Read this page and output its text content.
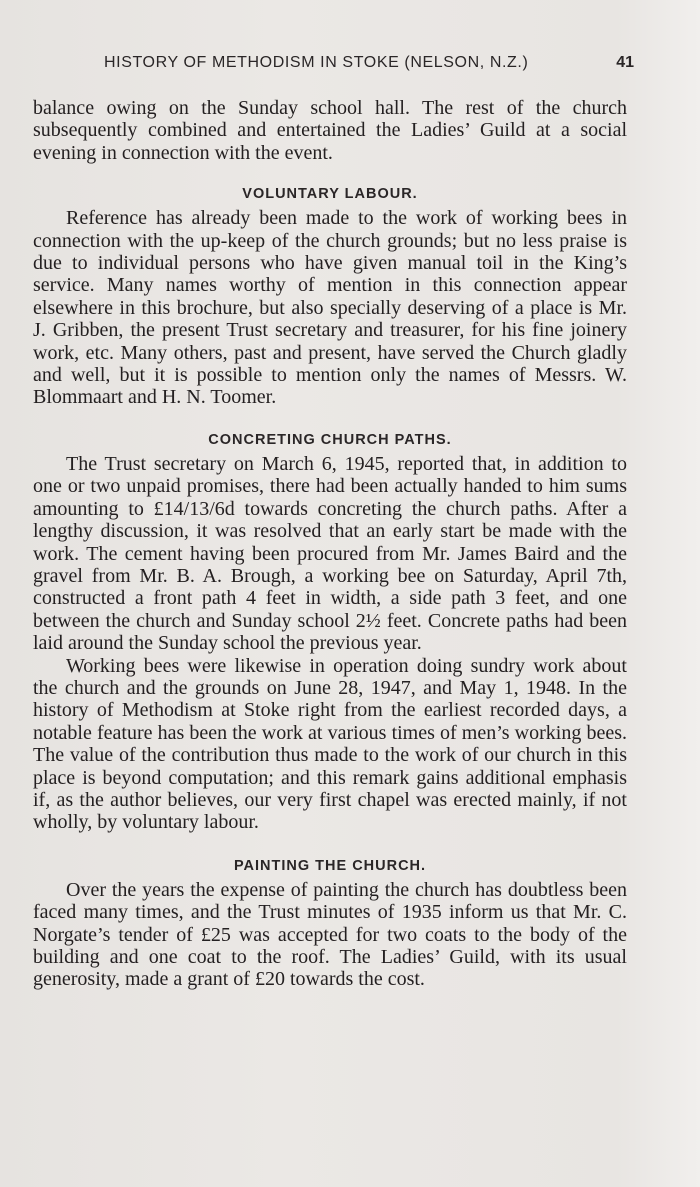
HISTORY OF METHODISM IN STOKE (NELSON, N.Z.)	41

balance owing on the Sunday school hall. The rest of the church subsequently combined and entertained the Ladies’ Guild at a social evening in connection with the event.

VOLUNTARY LABOUR.

Reference has already been made to the work of working bees in connection with the up-keep of the church grounds; but no less praise is due to individual persons who have given manual toil in the King’s service. Many names worthy of mention in this connection appear elsewhere in this brochure, but also specially deserving of a place is Mr. J. Gribben, the present Trust secretary and treasurer, for his fine joinery work, etc. Many others, past and present, have served the Church gladly and well, but it is possible to mention only the names of Messrs. W. Blommaart and H. N. Toomer.

CONCRETING CHURCH PATHS.

The Trust secretary on March 6, 1945, reported that, in addition to one or two unpaid promises, there had been actually handed to him sums amounting to £14/13/6d towards concreting the church paths. After a lengthy discussion, it was resolved that an early start be made with the work. The cement having been procured from Mr. James Baird and the gravel from Mr. B. A. Brough, a working bee on Saturday, April 7th, constructed a front path 4 feet in width, a side path 3 feet, and one between the church and Sunday school 2½ feet. Concrete paths had been laid around the Sunday school the previous year.

Working bees were likewise in operation doing sundry work about the church and the grounds on June 28, 1947, and May 1, 1948. In the history of Methodism at Stoke right from the earliest recorded days, a notable feature has been the work at various times of men’s working bees. The value of the contribution thus made to the work of our church in this place is beyond computation; and this remark gains additional emphasis if, as the author believes, our very first chapel was erected mainly, if not wholly, by voluntary labour.

PAINTING THE CHURCH.

Over the years the expense of painting the church has doubtless been faced many times, and the Trust minutes of 1935 inform us that Mr. C. Norgate’s tender of £25 was accepted for two coats to the body of the building and one coat to the roof. The Ladies’ Guild, with its usual generosity, made a grant of £20 towards the cost.
